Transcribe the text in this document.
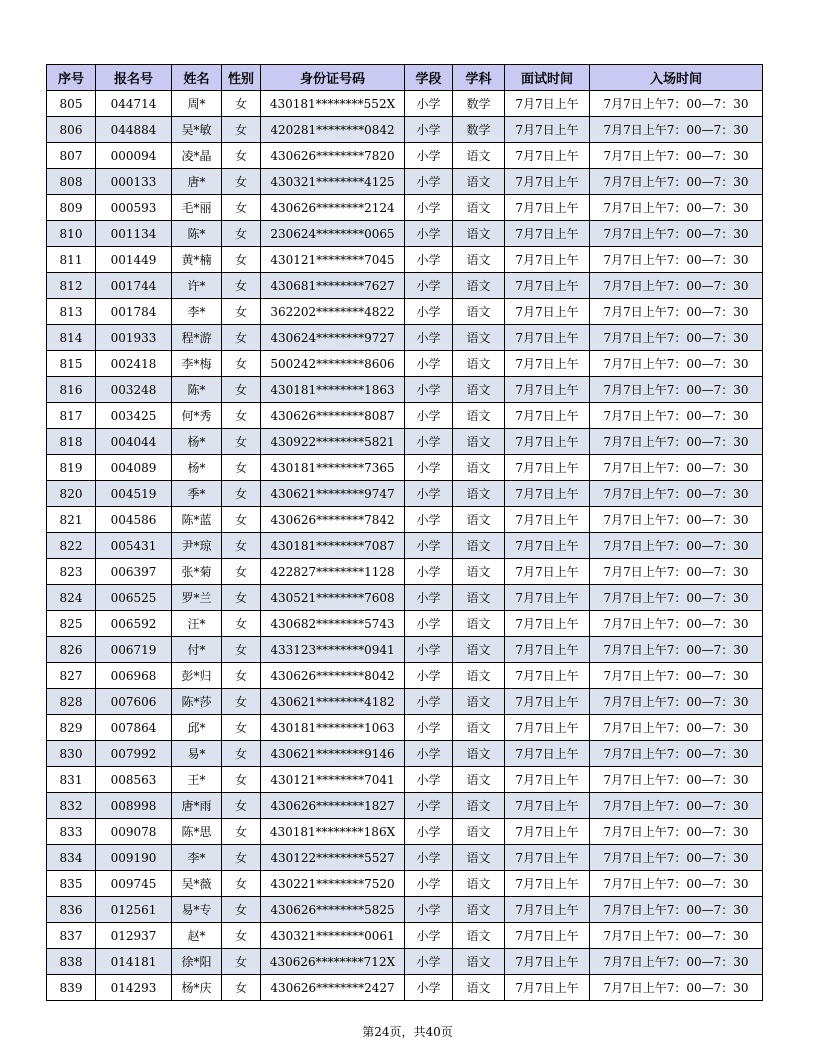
序号	报名号	姓名	性别	身份证号码	学段	学科	面试时间	入场时间
805	044714	周*	女	430181********552X	小学	数学	7月7日上午	7月7日上午7：00—7：30
806	044884	吴*敏	女	420281********0842	小学	数学	7月7日上午	7月7日上午7：00—7：30
807	000094	凌*晶	女	430626********7820	小学	语文	7月7日上午	7月7日上午7：00—7：30
808	000133	唐*	女	430321********4125	小学	语文	7月7日上午	7月7日上午7：00—7：30
809	000593	毛*丽	女	430626********2124	小学	语文	7月7日上午	7月7日上午7：00—7：30
810	001134	陈*	女	230624********0065	小学	语文	7月7日上午	7月7日上午7：00—7：30
811	001449	黄*楠	女	430121********7045	小学	语文	7月7日上午	7月7日上午7：00—7：30
812	001744	许*	女	430681********7627	小学	语文	7月7日上午	7月7日上午7：00—7：30
813	001784	李*	女	362202********4822	小学	语文	7月7日上午	7月7日上午7：00—7：30
814	001933	程*游	女	430624********9727	小学	语文	7月7日上午	7月7日上午7：00—7：30
815	002418	李*梅	女	500242********8606	小学	语文	7月7日上午	7月7日上午7：00—7：30
816	003248	陈*	女	430181********1863	小学	语文	7月7日上午	7月7日上午7：00—7：30
817	003425	何*秀	女	430626********8087	小学	语文	7月7日上午	7月7日上午7：00—7：30
818	004044	杨*	女	430922********5821	小学	语文	7月7日上午	7月7日上午7：00—7：30
819	004089	杨*	女	430181********7365	小学	语文	7月7日上午	7月7日上午7：00—7：30
820	004519	季*	女	430621********9747	小学	语文	7月7日上午	7月7日上午7：00—7：30
821	004586	陈*蓝	女	430626********7842	小学	语文	7月7日上午	7月7日上午7：00—7：30
822	005431	尹*琼	女	430181********7087	小学	语文	7月7日上午	7月7日上午7：00—7：30
823	006397	张*菊	女	422827********1128	小学	语文	7月7日上午	7月7日上午7：00—7：30
824	006525	罗*兰	女	430521********7608	小学	语文	7月7日上午	7月7日上午7：00—7：30
825	006592	汪*	女	430682********5743	小学	语文	7月7日上午	7月7日上午7：00—7：30
826	006719	付*	女	433123********0941	小学	语文	7月7日上午	7月7日上午7：00—7：30
827	006968	彭*归	女	430626********8042	小学	语文	7月7日上午	7月7日上午7：00—7：30
828	007606	陈*莎	女	430621********4182	小学	语文	7月7日上午	7月7日上午7：00—7：30
829	007864	邱*	女	430181********1063	小学	语文	7月7日上午	7月7日上午7：00—7：30
830	007992	易*	女	430621********9146	小学	语文	7月7日上午	7月7日上午7：00—7：30
831	008563	王*	女	430121********7041	小学	语文	7月7日上午	7月7日上午7：00—7：30
832	008998	唐*雨	女	430626********1827	小学	语文	7月7日上午	7月7日上午7：00—7：30
833	009078	陈*思	女	430181********186X	小学	语文	7月7日上午	7月7日上午7：00—7：30
834	009190	李*	女	430122********5527	小学	语文	7月7日上午	7月7日上午7：00—7：30
835	009745	吴*薇	女	430221********7520	小学	语文	7月7日上午	7月7日上午7：00—7：30
836	012561	易*专	女	430626********5825	小学	语文	7月7日上午	7月7日上午7：00—7：30
837	012937	赵*	女	430321********0061	小学	语文	7月7日上午	7月7日上午7：00—7：30
838	014181	徐*阳	女	430626********712X	小学	语文	7月7日上午	7月7日上午7：00—7：30
839	014293	杨*庆	女	430626********2427	小学	语文	7月7日上午	7月7日上午7：00—7：30
第24页，共40页
